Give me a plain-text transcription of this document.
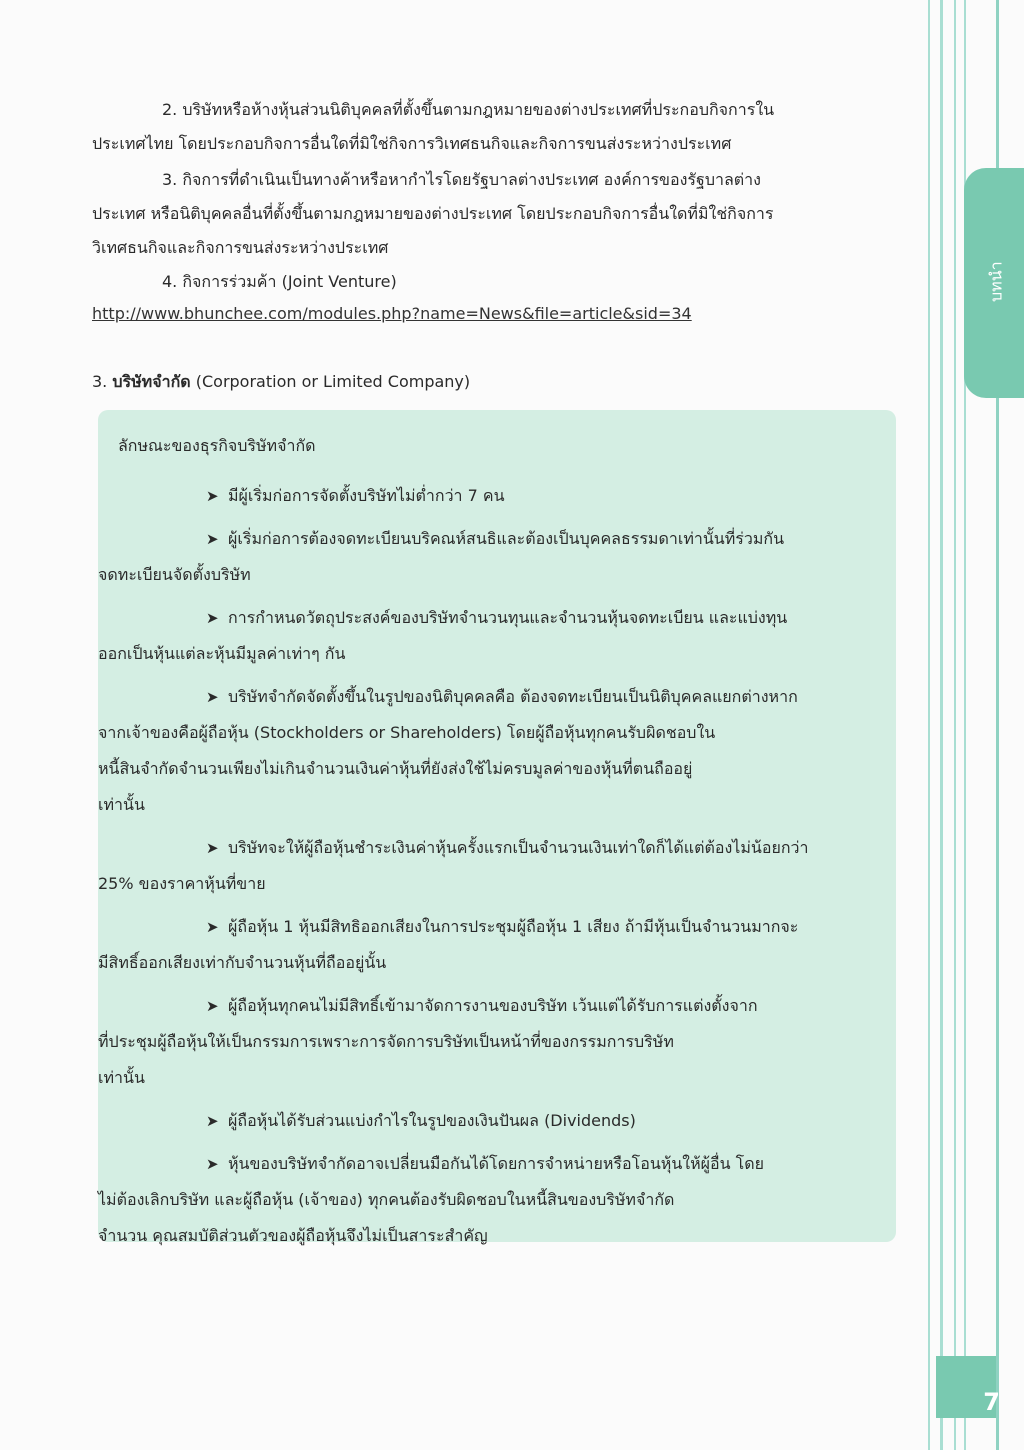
บทนำ
7
2. บริษัทหรือห้างหุ้นส่วนนิติบุคคลที่ตั้งขึ้นตามกฎหมายของต่างประเทศที่ประกอบกิจการใน
ประเทศไทย โดยประกอบกิจการอื่นใดที่มิใช่กิจการวิเทศธนกิจและกิจการขนส่งระหว่างประเทศ
3. กิจการที่ดำเนินเป็นทางค้าหรือหากำไรโดยรัฐบาลต่างประเทศ องค์การของรัฐบาลต่าง
ประเทศ หรือนิติบุคคลอื่นที่ตั้งขึ้นตามกฎหมายของต่างประเทศ โดยประกอบกิจการอื่นใดที่มิใช่กิจการ
วิเทศธนกิจและกิจการขนส่งระหว่างประเทศ
4. กิจการร่วมค้า (Joint Venture)
http://www.bhunchee.com/modules.php?name=News&file=article&sid=34
3. บริษัทจำกัด (Corporation or Limited Company)
ลักษณะของธุรกิจบริษัทจำกัด
➤ มีผู้เริ่มก่อการจัดตั้งบริษัทไม่ต่ำกว่า 7 คน
➤ ผู้เริ่มก่อการต้องจดทะเบียนบริคณห์สนธิและต้องเป็นบุคคลธรรมดาเท่านั้นที่ร่วมกัน
จดทะเบียนจัดตั้งบริษัท
➤ การกำหนดวัตถุประสงค์ของบริษัทจำนวนทุนและจำนวนหุ้นจดทะเบียน และแบ่งทุน
ออกเป็นหุ้นแต่ละหุ้นมีมูลค่าเท่าๆ กัน
➤ บริษัทจำกัดจัดตั้งขึ้นในรูปของนิติบุคคลคือ ต้องจดทะเบียนเป็นนิติบุคคลแยกต่างหาก
จากเจ้าของคือผู้ถือหุ้น (Stockholders or Shareholders) โดยผู้ถือหุ้นทุกคนรับผิดชอบใน
หนี้สินจำกัดจำนวนเพียงไม่เกินจำนวนเงินค่าหุ้นที่ยังส่งใช้ไม่ครบมูลค่าของหุ้นที่ตนถืออยู่
เท่านั้น
➤ บริษัทจะให้ผู้ถือหุ้นชำระเงินค่าหุ้นครั้งแรกเป็นจำนวนเงินเท่าใดก็ได้แต่ต้องไม่น้อยกว่า
25% ของราคาหุ้นที่ขาย
➤ ผู้ถือหุ้น 1 หุ้นมีสิทธิออกเสียงในการประชุมผู้ถือหุ้น 1 เสียง ถ้ามีหุ้นเป็นจำนวนมากจะ
มีสิทธิ์ออกเสียงเท่ากับจำนวนหุ้นที่ถืออยู่นั้น
➤ ผู้ถือหุ้นทุกคนไม่มีสิทธิ์เข้ามาจัดการงานของบริษัท เว้นแต่ได้รับการแต่งตั้งจาก
ที่ประชุมผู้ถือหุ้นให้เป็นกรรมการเพราะการจัดการบริษัทเป็นหน้าที่ของกรรมการบริษัท
เท่านั้น
➤ ผู้ถือหุ้นได้รับส่วนแบ่งกำไรในรูปของเงินปันผล (Dividends)
➤ หุ้นของบริษัทจำกัดอาจเปลี่ยนมือกันได้โดยการจำหน่ายหรือโอนหุ้นให้ผู้อื่น โดย
ไม่ต้องเลิกบริษัท และผู้ถือหุ้น (เจ้าของ) ทุกคนต้องรับผิดชอบในหนี้สินของบริษัทจำกัด
จำนวน คุณสมบัติส่วนตัวของผู้ถือหุ้นจึงไม่เป็นสาระสำคัญ
